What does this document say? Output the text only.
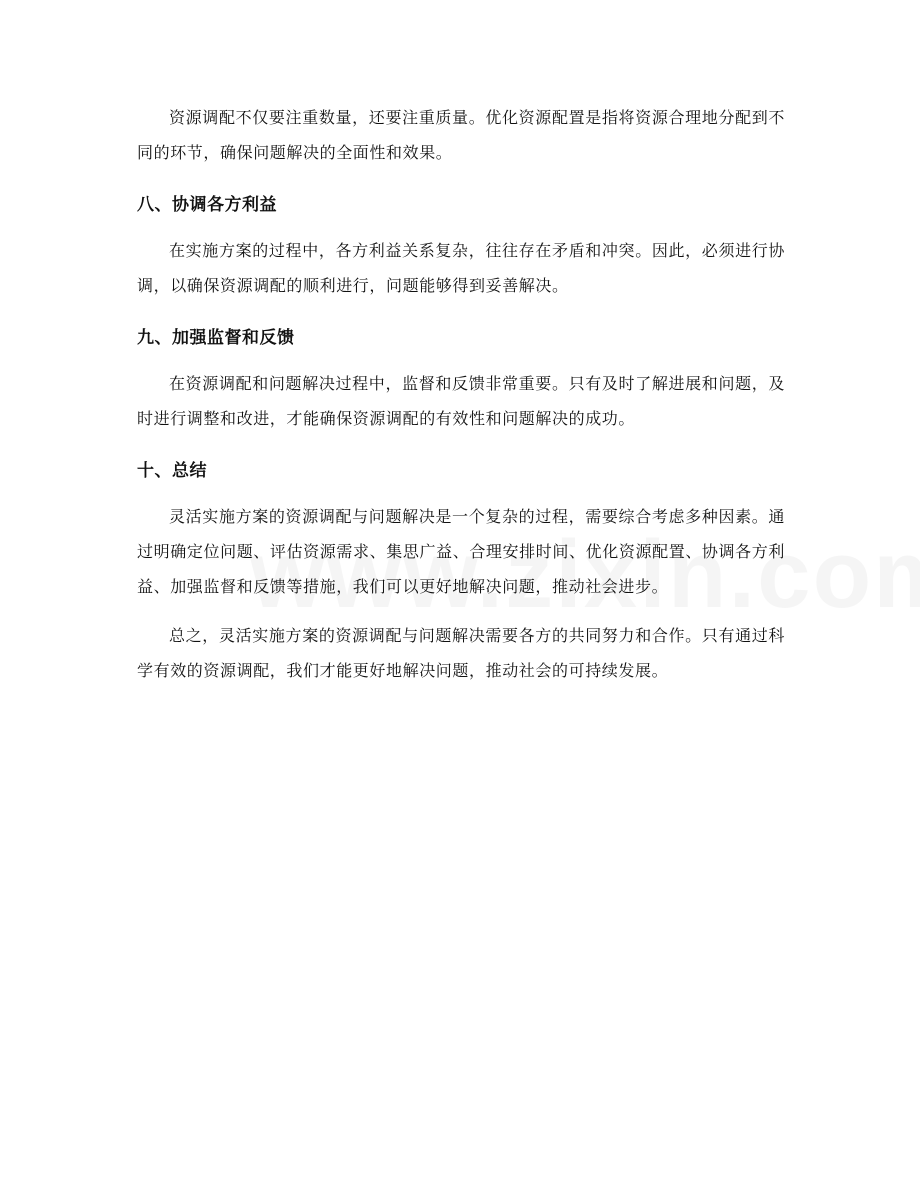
资源调配不仅要注重数量，还要注重质量。优化资源配置是指将资源合理地分配到不同的环节，确保问题解决的全面性和效果。

八、协调各方利益

在实施方案的过程中，各方利益关系复杂，往往存在矛盾和冲突。因此，必须进行协调，以确保资源调配的顺利进行，问题能够得到妥善解决。

九、加强监督和反馈

在资源调配和问题解决过程中，监督和反馈非常重要。只有及时了解进展和问题，及时进行调整和改进，才能确保资源调配的有效性和问题解决的成功。

十、总结

灵活实施方案的资源调配与问题解决是一个复杂的过程，需要综合考虑多种因素。通过明确定位问题、评估资源需求、集思广益、合理安排时间、优化资源配置、协调各方利益、加强监督和反馈等措施，我们可以更好地解决问题，推动社会进步。

总之，灵活实施方案的资源调配与问题解决需要各方的共同努力和合作。只有通过科学有效的资源调配，我们才能更好地解决问题，推动社会的可持续发展。
